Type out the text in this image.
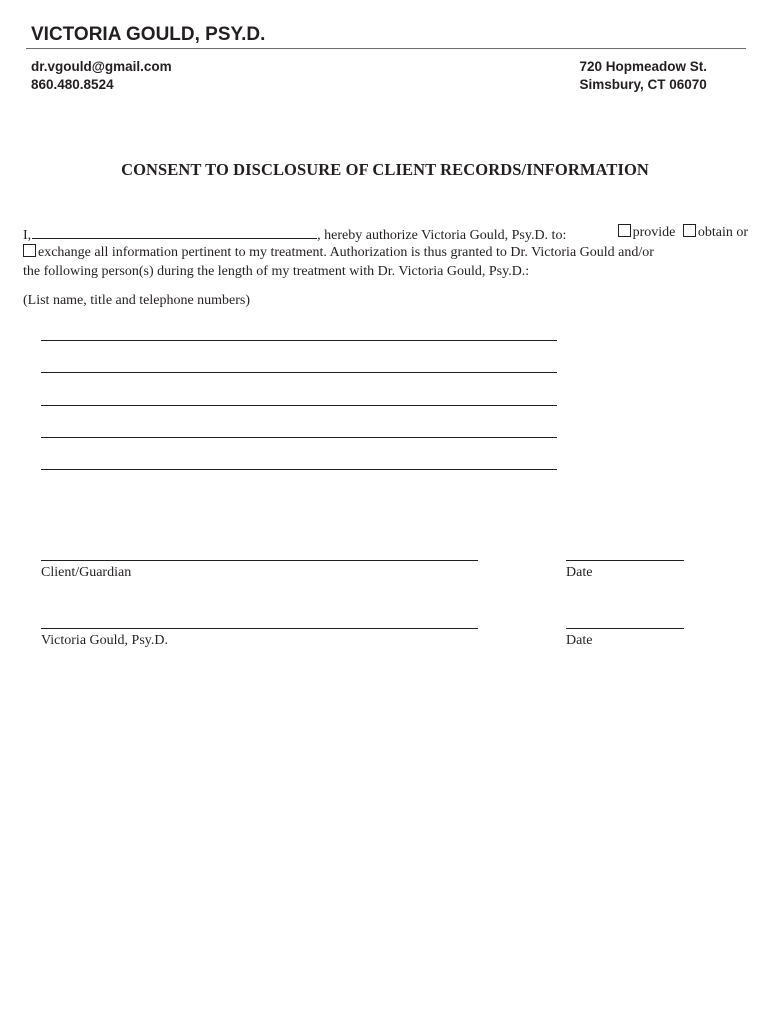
VICTORIA GOULD, PSY.D.
dr.vgould@gmail.com
860.480.8524
720 Hopmeadow St.
Simsbury, CT 06070
CONSENT TO DISCLOSURE OF CLIENT RECORDS/INFORMATION
I,	, hereby authorize Victoria Gould, Psy.D. to:	provide obtain or
exchange all information pertinent to my treatment. Authorization is thus granted to Dr. Victoria Gould and/or
the following person(s) during the length of my treatment with Dr. Victoria Gould, Psy.D.:
(List name, title and telephone numbers)
Client/Guardian	Date
Victoria Gould, Psy.D.	Date
